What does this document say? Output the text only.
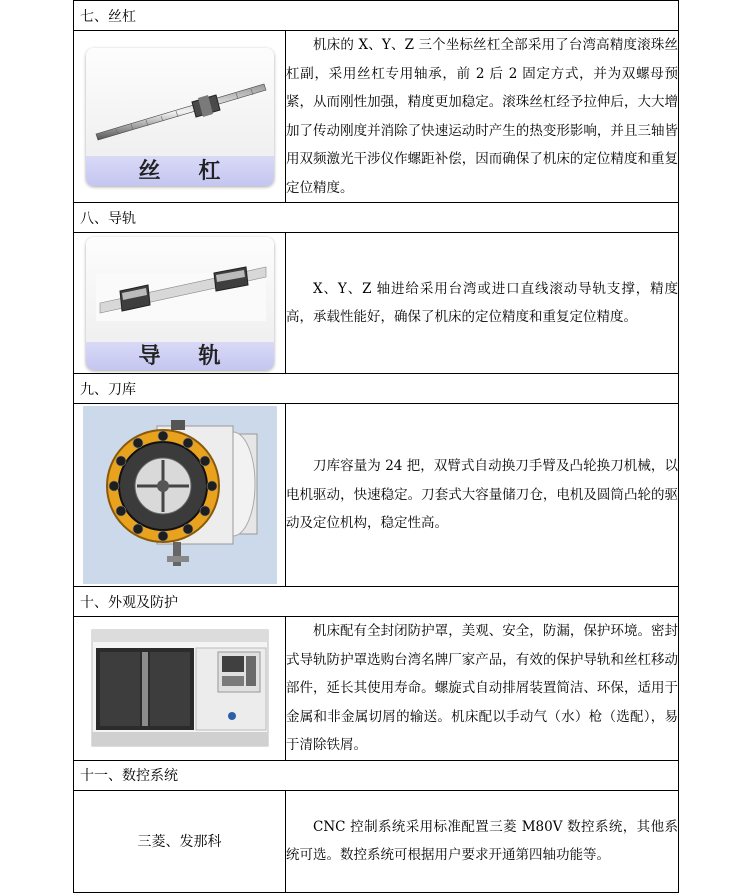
七、丝杠	

丝杠	机床的 X、Y、Z 三个坐标丝杠全部采用了台湾高精度滚珠丝杠副，采用丝杠专用轴承，前 2 后 2 固定方式，并为双螺母预紧，从而刚性加强，精度更加稳定。滚珠丝杠经予拉伸后，大大增加了传动刚度并消除了快速运动时产生的热变形影响，并且三轴皆用双频激光干涉仪作螺距补偿，因而确保了机床的定位精度和重复定位精度。
八、导轨	

导轨	X、Y、Z 轴进给采用台湾或进口直线滚动导轨支撑，精度高，承载性能好，确保了机床的定位精度和重复定位精度。
九、刀库	

	刀库容量为 24 把，双臂式自动换刀手臂及凸轮换刀机械，以电机驱动，快速稳定。刀套式大容量储刀仓，电机及圆筒凸轮的驱动及定位机构，稳定性高。
十、外观及防护	

	机床配有全封闭防护罩，美观、安全，防漏，保护环境。密封式导轨防护罩选购台湾名牌厂家产品，有效的保护导轨和丝杠移动部件，延长其使用寿命。螺旋式自动排屑装置简洁、环保，适用于金属和非金属切屑的输送。机床配以手动气（水）枪（选配），易于清除铁屑。
十一、数控系统	
三菱、发那科	CNC 控制系统采用标准配置三菱 M80V 数控系统，其他系统可选。数控系统可根据用户要求开通第四轴功能等。
